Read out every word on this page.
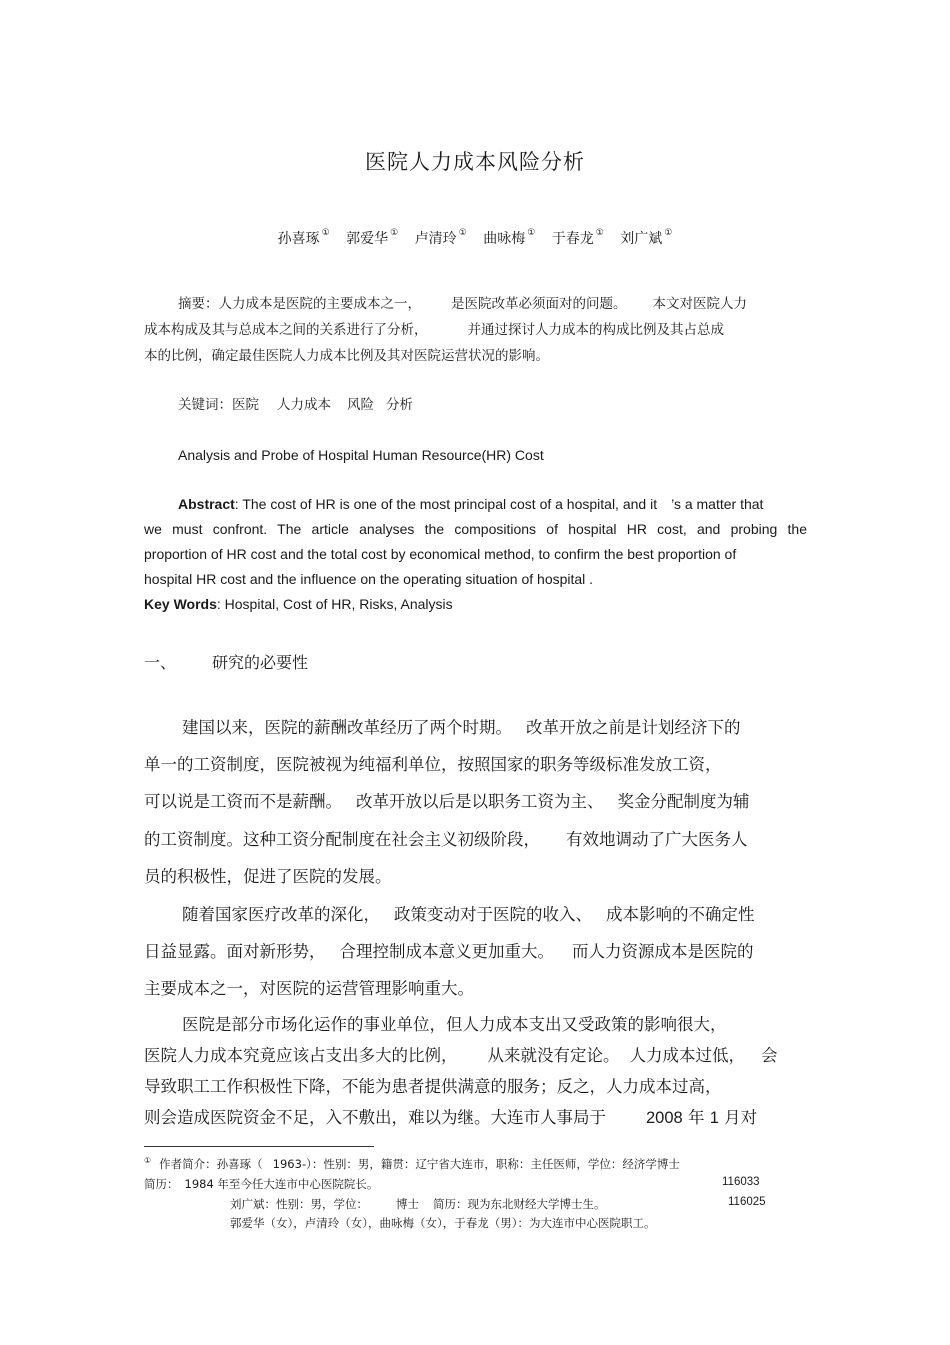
医院人力成本风险分析
孙喜琢 ① 郭爱华 ① 卢清玲 ① 曲咏梅 ① 于春龙 ① 刘广斌 ①
摘要：人力成本是医院的主要成本之一， 是医院改革必须面对的问题。 本文对医院人力
成本构成及其与总成本之间的关系进行了分析，	并通过探讨人力成本的构成比例及其占总成
本的比例，确定最佳医院人力成本比例及其对医院运营状况的影响。
关键词：医院 人力成本 风险 分析
Analysis and Probe of Hospital Human Resource(HR) Cost
Abstract: The cost of HR is one of the most principal cost of a hospital, and it ’s a matter that
we must confront. The article analyses the compositions of hospital HR cost, and probing the
proportion of HR cost and the total cost by economical method, to confirm the best proportion of
hospital HR cost and the influence on the operating situation of hospital .
Key Words: Hospital, Cost of HR, Risks, Analysis
一、 研究的必要性
建国以来，医院的薪酬改革经历了两个时期。 改革开放之前是计划经济下的
单一的工资制度，医院被视为纯福利单位，按照国家的职务等级标准发放工资，
可以说是工资而不是薪酬。 改革开放以后是以职务工资为主、 奖金分配制度为辅
的工资制度。这种工资分配制度在社会主义初级阶段， 有效地调动了广大医务人
员的积极性，促进了医院的发展。
随着国家医疗改革的深化， 政策变动对于医院的收入、 成本影响的不确定性
日益显露。面对新形势， 合理控制成本意义更加重大。 而人力资源成本是医院的
主要成本之一，对医院的运营管理影响重大。
医院是部分市场化运作的事业单位，但人力成本支出又受政策的影响很大，
医院人力成本究竟应该占支出多大的比例， 从来就没有定论。 人力成本过低， 会
导致职工工作积极性下降，不能为患者提供满意的服务；反之，人力成本过高，
则会造成医院资金不足，入不敷出，难以为继。大连市人事局于 2008 年 1 月对
① 作者简介：孙喜琢（ 1963-）：性别：男，籍贯：辽宁省大连市，职称：主任医师，学位：经济学博士
简历： 1984 年至今任大连市中心医院院长。	116033
刘广斌：性别：男，学位： 博士 简历：现为东北财经大学博士生。	116025
郭爱华（女），卢清玲（女），曲咏梅（女），于春龙（男）：为大连市中心医院职工。
